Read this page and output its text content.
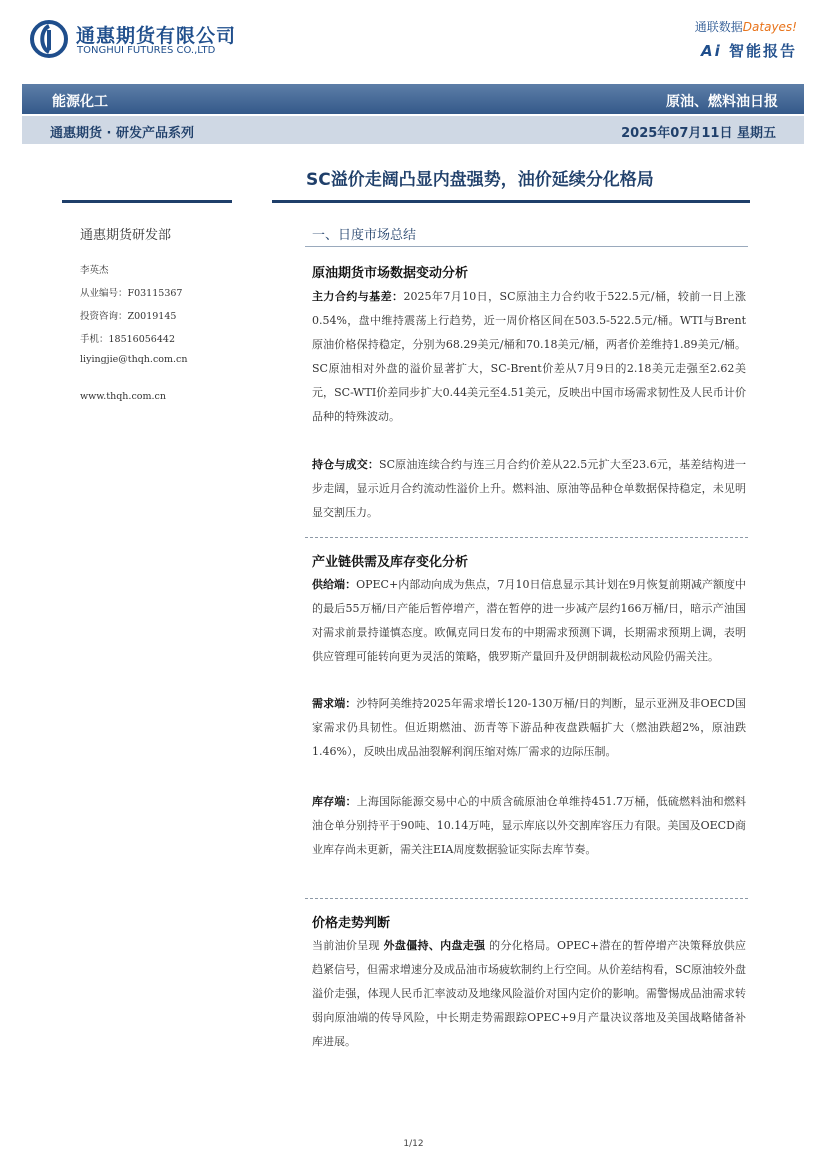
通惠期货有限公司
TONGHUI FUTURES CO.,LTD
通联数据Datayes!
Ai 智能报告
能源化工	原油、燃料油日报
通惠期货 · 研发产品系列	2025年07月11日 星期五
SC溢价走阔凸显内盘强势，油价延续分化格局
通惠期货研发部
李英杰
从业编号：F03115367
投资咨询：Z0019145
手机：18516056442
liyingjie@thqh.com.cn
www.thqh.com.cn
一、日度市场总结
原油期货市场数据变动分析
主力合约与基差：2025年7月10日，SC原油主力合约收于522.5元/桶，较前一日上涨0.54%，盘中维持震荡上行趋势，近一周价格区间在503.5-522.5元/桶。WTI与Brent原油价格保持稳定，分别为68.29美元/桶和70.18美元/桶，两者价差维持1.89美元/桶。SC原油相对外盘的溢价显著扩大，SC-Brent价差从7月9日的2.18美元走强至2.62美元，SC-WTI价差同步扩大0.44美元至4.51美元，反映出中国市场需求韧性及人民币计价品种的特殊波动。
持仓与成交：SC原油连续合约与连三月合约价差从22.5元扩大至23.6元，基差结构进一步走阔，显示近月合约流动性溢价上升。燃料油、原油等品种仓单数据保持稳定，未见明显交割压力。
产业链供需及库存变化分析
供给端：OPEC+内部动向成为焦点，7月10日信息显示其计划在9月恢复前期减产额度中的最后55万桶/日产能后暂停增产，潜在暂停的进一步减产层约166万桶/日，暗示产油国对需求前景持谨慎态度。欧佩克同日发布的中期需求预测下调，长期需求预期上调，表明供应管理可能转向更为灵活的策略，俄罗斯产量回升及伊朗制裁松动风险仍需关注。
需求端：沙特阿美维持2025年需求增长120-130万桶/日的判断，显示亚洲及非OECD国家需求仍具韧性。但近期燃油、沥青等下游品种夜盘跌幅扩大（燃油跌超2%，原油跌1.46%），反映出成品油裂解利润压缩对炼厂需求的边际压制。
库存端：上海国际能源交易中心的中质含硫原油仓单维持451.7万桶，低硫燃料油和燃料油仓单分别持平于90吨、10.14万吨，显示库底以外交割库容压力有限。美国及OECD商业库存尚未更新，需关注EIA周度数据验证实际去库节奏。
价格走势判断
当前油价呈现 外盘僵持、内盘走强 的分化格局。OPEC+潜在的暂停增产决策释放供应趋紧信号，但需求增速分及成品油市场疲软制约上行空间。从价差结构看，SC原油较外盘溢价走强，体现人民币汇率波动及地缘风险溢价对国内定价的影响。需警惕成品油需求转弱向原油端的传导风险，中长期走势需跟踪OPEC+9月产量决议落地及美国战略储备补库进展。
1/12
